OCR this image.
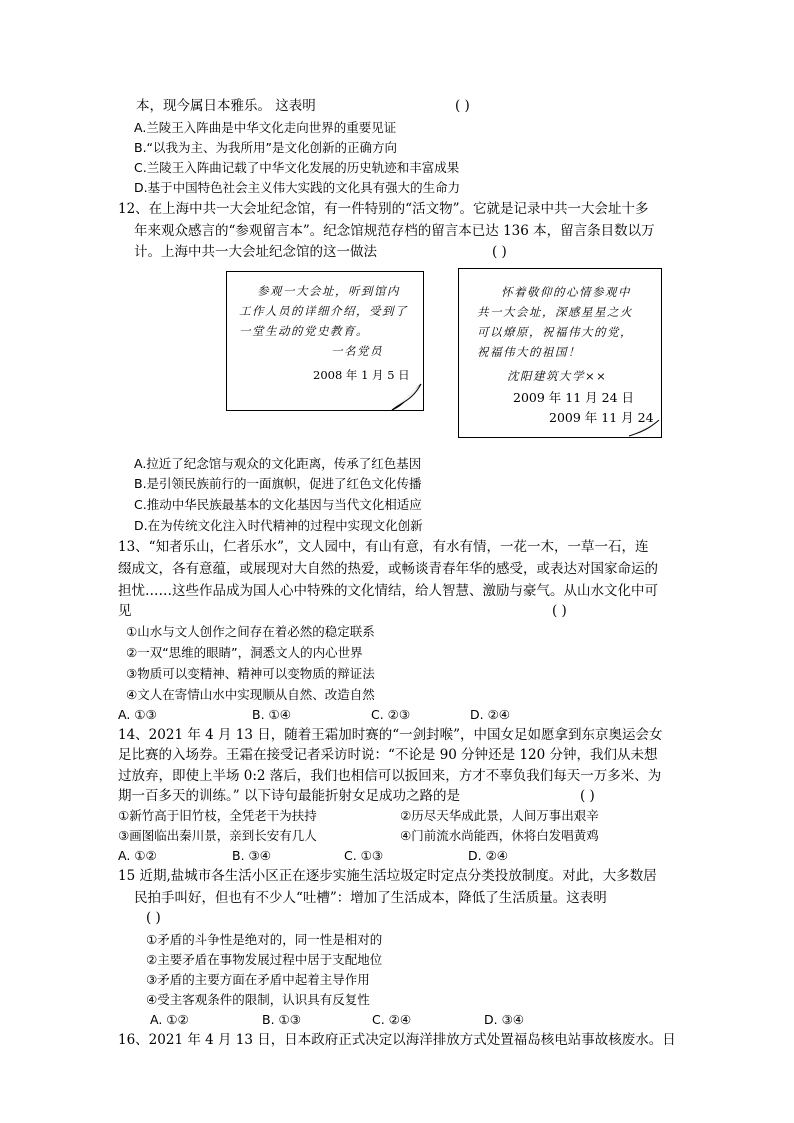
本，现今属日本雅乐。 这表明	( )
A.兰陵王入阵曲是中华文化走向世界的重要见证
B.“以我为主、为我所用”是文化创新的正确方向
C.兰陵王入阵曲记载了中华文化发展的历史轨迹和丰富成果
D.基于中国特色社会主义伟大实践的文化具有强大的生命力
12、在上海中共一大会址纪念馆，有一件特别的“活文物”。它就是记录中共一大会址十多
年来观众感言的“参观留言本”。纪念馆规范存档的留言本已达 136 本，留言条目数以万
计。上海中共一大会址纪念馆的这一做法	( )
参观一大会址，听到馆内
工作人员的详细介绍，受到了
一堂生动的党史教育。
一名党员
2008 年 1 月 5 日
怀着敬仰的心情参观中
共一大会址，深感星星之火
可以燎原，祝福伟大的党，
祝福伟大的祖国！
沈阳建筑大学××
2009 年 11 月 24 日
2009 年 11 月 24
A.拉近了纪念馆与观众的文化距离，传承了红色基因
B.是引领民族前行的一面旗帜，促进了红色文化传播
C.推动中华民族最基本的文化基因与当代文化相适应
D.在为传统文化注入时代精神的过程中实现文化创新
13、“知者乐山，仁者乐水”，文人园中，有山有意，有水有情，一花一木，一草一石，连
缀成文，各有意蕴，或展现对大自然的热爱，或畅谈青春年华的感受，或表达对国家命运的
担忧……这些作品成为国人心中特殊的文化情结，给人智慧、激励与豪气。从山水文化中可
见	( )
①山水与文人创作之间存在着必然的稳定联系
②一双“思维的眼睛”，洞悉文人的内心世界
③物质可以变精神、精神可以变物质的辩证法
④文人在寄情山水中实现顺从自然、改造自然
A. ①③	B. ①④	C. ②③	D. ②④
14、2021 年 4 月 13 日，随着王霜加时赛的“一剑封喉”，中国女足如愿拿到东京奥运会女
足比赛的入场券。王霜在接受记者采访时说：“不论是 90 分钟还是 120 分钟，我们从未想
过放弃，即使上半场 0:2 落后，我们也相信可以扳回来，方才不辜负我们每天一万多米、为
期一百多天的训练。” 以下诗句最能折射女足成功之路的是	( )
①新竹高于旧竹枝，全凭老干为扶持	②历尽天华成此景，人间万事出艰辛
③画图临出秦川景，亲到长安有几人	④门前流水尚能西，休将白发唱黄鸡
A. ①②	B. ③④	C. ①③	D. ②④
15 近期,盐城市各生活小区正在逐步实施生活垃圾定时定点分类投放制度。对此，大多数居
民拍手叫好，但也有不少人“吐槽”：增加了生活成本，降低了生活质量。这表明
( )
①矛盾的斗争性是绝对的，同一性是相对的
②主要矛盾在事物发展过程中居于支配地位
③矛盾的主要方面在矛盾中起着主导作用
④受主客观条件的限制，认识具有反复性
A. ①②	B. ①③	C. ②④	D. ③④
16、2021 年 4 月 13 日，日本政府正式决定以海洋排放方式处置福岛核电站事故核废水。日
